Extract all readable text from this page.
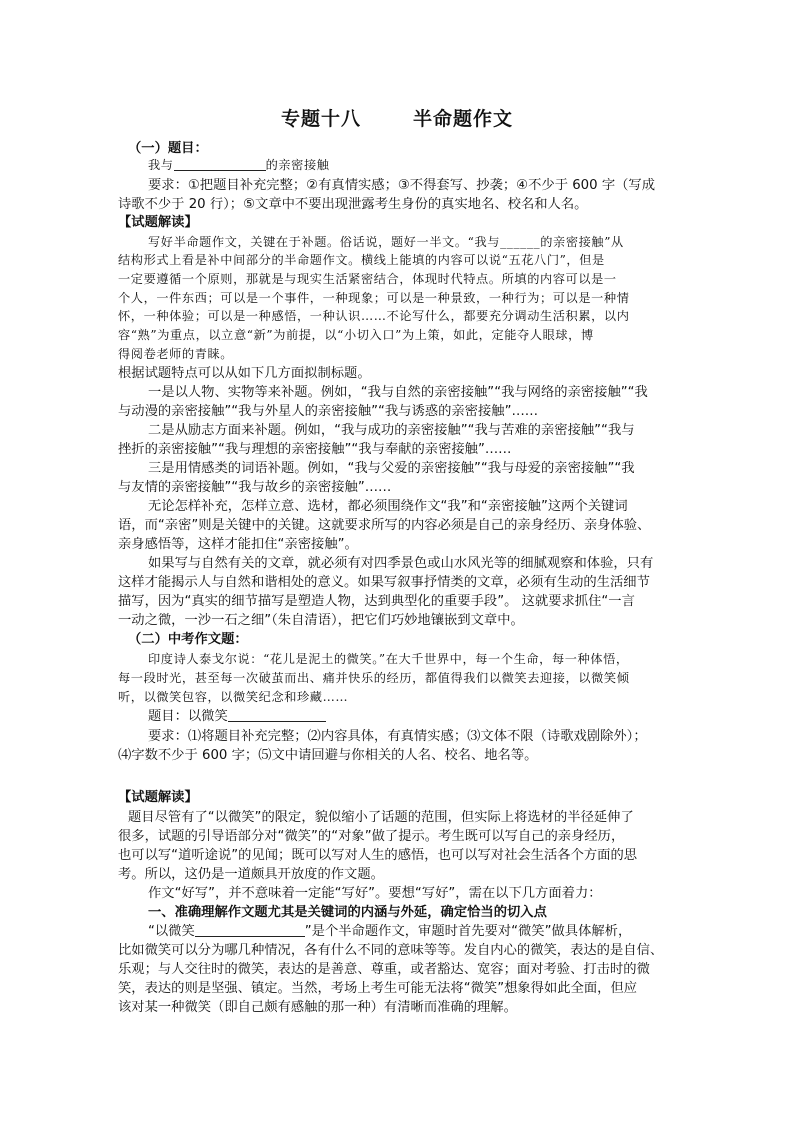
专题十八	半命题作文
（一）题目：
我与	的亲密接触
要求：①把题目补充完整；②有真情实感；③不得套写、抄袭；④不少于 600 字（写成
诗歌不少于 20 行）；⑤文章中不要出现泄露考生身份的真实地名、校名和人名。
【试题解读】
写好半命题作文，关键在于补题。俗话说，题好一半文。“我与______的亲密接触”从
结构形式上看是补中间部分的半命题作文。横线上能填的内容可以说“五花八门”，但是
一定要遵循一个原则，那就是与现实生活紧密结合，体现时代特点。所填的内容可以是一
个人，一件东西；可以是一个事件，一种现象；可以是一种景致，一种行为；可以是一种情
怀，一种体验；可以是一种感悟，一种认识……不论写什么，都要充分调动生活积累，以内
容“熟”为重点，以立意“新”为前提，以“小切入口”为上策，如此，定能夺人眼球，博
得阅卷老师的青睐。
根据试题特点可以从如下几方面拟制标题。
一是以人物、实物等来补题。例如，“我与自然的亲密接触”“我与网络的亲密接触”“我
与动漫的亲密接触”“我与外星人的亲密接触”“我与诱惑的亲密接触”……
二是从励志方面来补题。例如，“我与成功的亲密接触”“我与苦难的亲密接触”“我与
挫折的亲密接触”“我与理想的亲密接触”“我与奉献的亲密接触”……
三是用情感类的词语补题。例如，“我与父爱的亲密接触”“我与母爱的亲密接触”“我
与友情的亲密接触”“我与故乡的亲密接触”……
无论怎样补充，怎样立意、选材，都必须围绕作文“我”和“亲密接触”这两个关键词
语，而“亲密”则是关键中的关键。这就要求所写的内容必须是自己的亲身经历、亲身体验、
亲身感悟等，这样才能扣住“亲密接触”。
如果写与自然有关的文章，就必须有对四季景色或山水风光等的细腻观察和体验，只有
这样才能揭示人与自然和谐相处的意义。如果写叙事抒情类的文章，必须有生动的生活细节
描写，因为“真实的细节描写是塑造人物，达到典型化的重要手段”。 这就要求抓住“一言
一动之微，一沙一石之细”（朱自清语），把它们巧妙地镶嵌到文章中。
（二）中考作文题：
印度诗人泰戈尔说：“花儿是泥土的微笑。”在大千世界中，每一个生命，每一种体悟，
每一段时光，甚至每一次破茧而出、痛并快乐的经历，都值得我们以微笑去迎接，以微笑倾
听，以微笑包容，以微笑纪念和珍藏……
题目：以微笑
要求：⑴将题目补充完整；⑵内容具体，有真情实感；⑶文体不限（诗歌戏剧除外）；
⑷字数不少于 600 字；⑸文中请回避与你相关的人名、校名、地名等。
【试题解读】
题目尽管有了“以微笑”的限定，貌似缩小了话题的范围，但实际上将选材的半径延伸了
很多，试题的引导语部分对“微笑”的“对象”做了提示。考生既可以写自己的亲身经历，
也可以写“道听途说”的见闻；既可以写对人生的感悟，也可以写对社会生活各个方面的思
考。所以，这仍是一道颇具开放度的作文题。
作文“好写”，并不意味着一定能“写好”。要想“写好”，需在以下几方面着力：
一、准确理解作文题尤其是关键词的内涵与外延，确定恰当的切入点
“以微笑	”是个半命题作文，审题时首先要对“微笑”做具体解析，
比如微笑可以分为哪几种情况，各有什么不同的意味等等。发自内心的微笑，表达的是自信、
乐观；与人交往时的微笑，表达的是善意、尊重，或者豁达、宽容；面对考验、打击时的微
笑，表达的则是坚强、镇定。当然，考场上考生可能无法将“微笑”想象得如此全面，但应
该对某一种微笑（即自己颇有感触的那一种）有清晰而准确的理解。
